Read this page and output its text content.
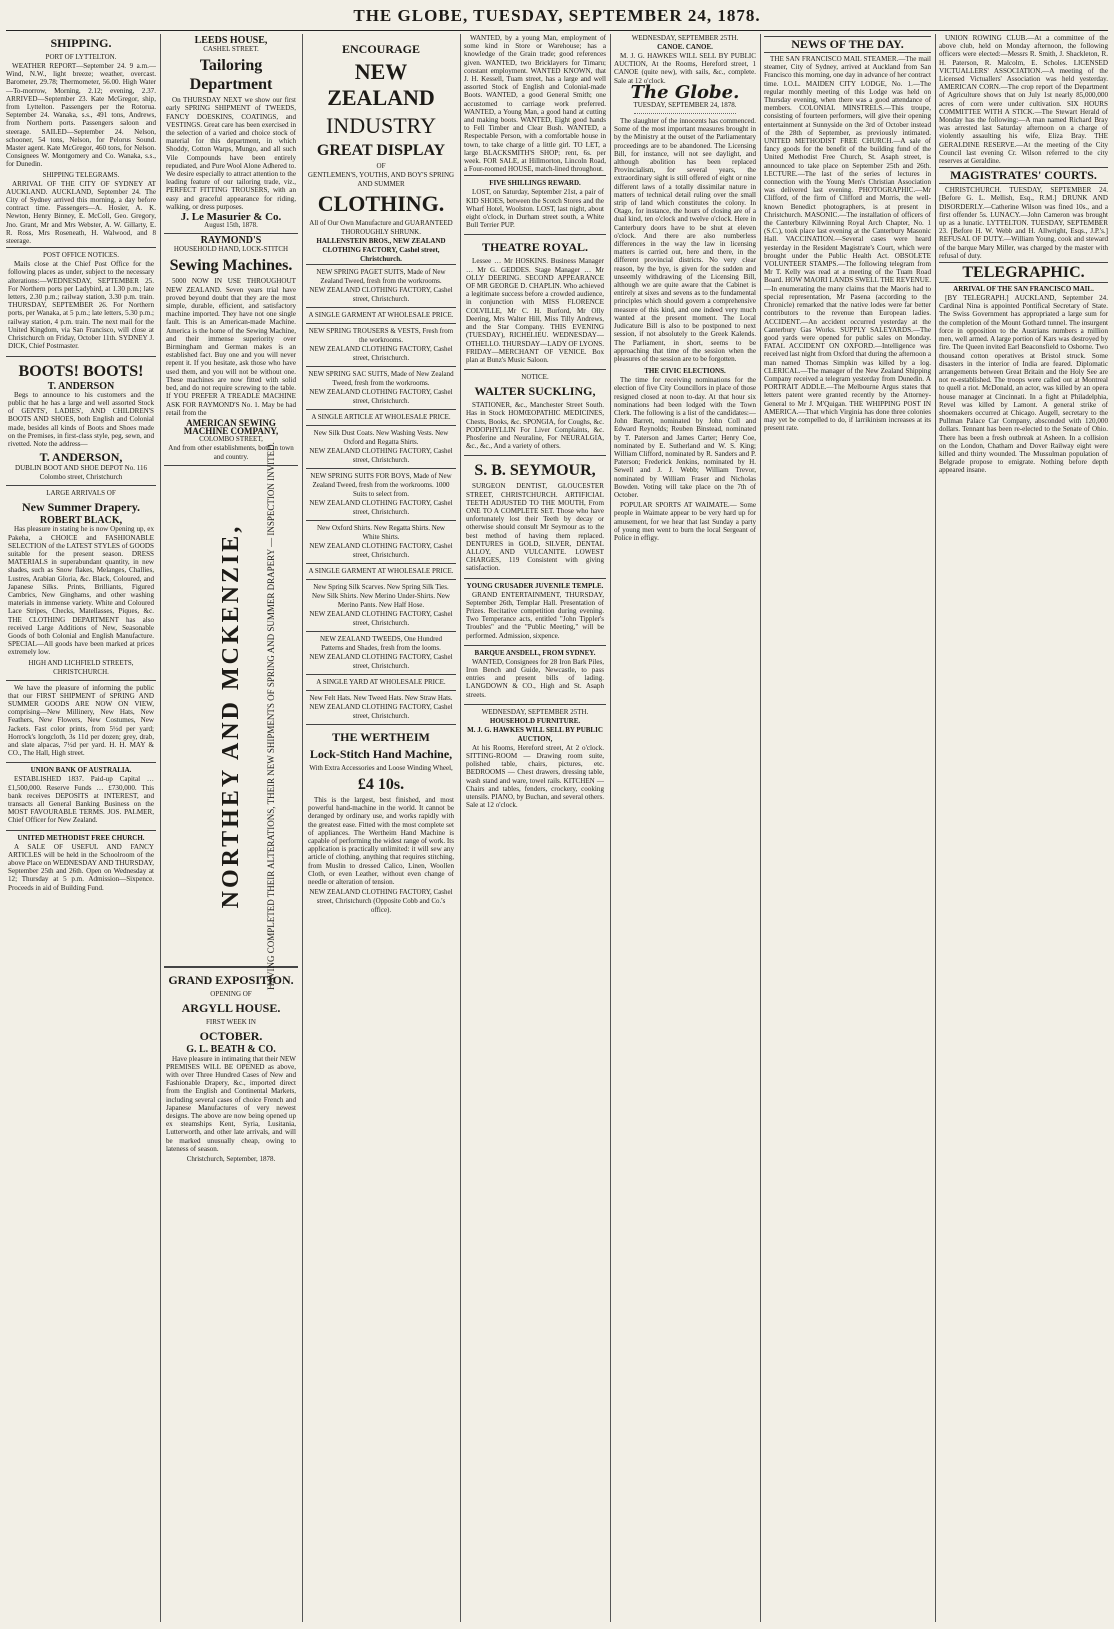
THE GLOBE, TUESDAY, SEPTEMBER 24, 1878.
SHIPPING.
PORT OF LYTTELTON.

WEATHER REPORT—September 24. 9 a.m.—Wind, N.W., light breeze; weather, overcast. Barometer, 29.78; Thermometer, 56.00. High Water—To-morrow, Morning, 2.12; evening, 2.37. ARRIVED—September 23. Kate McGregor, ship, from Lyttelton. Passengers per the Rotorua. September 24. Wanaka, s.s., 491 tons, Andrews, from Northern ports. Passengers saloon and steerage. SAILED—September 24. Nelson, schooner, 54 tons, Nelson, for Pelorus Sound. Master agent. Kate McGregor, 460 tons, for Nelson. Consignees W. Montgomery and Co. Wanaka, s.s., for Dunedin.

SHIPPING TELEGRAMS.

ARRIVAL OF THE CITY OF SYDNEY AT AUCKLAND. AUCKLAND, September 24. The City of Sydney arrived this morning, a day before contract time. Passengers—A. Hosier, A. K. Newton, Henry Binney, E. McColl, Geo. Gregory, Jno. Grant, Mr and Mrs Webster, A. W. Gillarty, E. R. Ross, Mrs Roseneath, H. Walwood, and 8 steerage.

POST OFFICE NOTICES.

Mails close at the Chief Post Office for the following places as under, subject to the necessary alterations:—WEDNESDAY, SEPTEMBER 25. For Northern ports per Ladybird, at 1.30 p.m.; late letters, 2.30 p.m.; railway station, 3.30 p.m. train. THURSDAY, SEPTEMBER 26. For Northern ports, per Wanaka, at 5 p.m.; late letters, 5.30 p.m.; railway station, 4 p.m. train. The next mail for the United Kingdom, via San Francisco, will close at Christchurch on Friday, October 11th. SYDNEY J. DICK, Chief Postmaster.

BOOTS! BOOTS!
T. ANDERSON

Begs to announce to his customers and the public that he has a large and well assorted Stock of GENTS', LADIES', AND CHILDREN'S BOOTS AND SHOES, both English and Colonial made, besides all kinds of Boots and Shoes made on the Premises, in first-class style, peg, sewn, and rivetted. Note the address—

T. ANDERSON,
DUBLIN BOOT AND SHOE DEPOT No. 116 Colombo street, Christchurch
LARGE ARRIVALS OF
New Summer Drapery.
ROBERT BLACK,

Has pleasure in stating he is now Opening up, ex Pakeha, a CHOICE and FASHIONABLE SELECTION of the LATEST STYLES of GOODS suitable for the present season. DRESS MATERIALS in superabundant quantity, in new shades, such as Snow flakes, Melanges, Challies, Lustres, Arabian Gloria, &c. Black, Coloured, and Japanese Silks. Prints, Brilliants, Figured Cambrics, New Ginghams, and other washing materials in immense variety. White and Coloured Lace Stripes, Checks, Matellasses, Piques, &c. THE CLOTHING DEPARTMENT has also received Large Additions of New, Seasonable Goods of both Colonial and English Manufacture. SPECIAL—All goods have been marked at prices extremely low.

HIGH AND LICHFIELD STREETS, CHRISTCHURCH.

We have the pleasure of informing the public that our FIRST SHIPMENT of SPRING AND SUMMER GOODS ARE NOW ON VIEW, comprising—New Millinery, New Hats, New Feathers, New Flowers, New Costumes, New Jackets. Fast color prints, from 5½d per yard; Horrock's longcloth, 3s 11d per dozen; grey, drab, and slate alpacas, 7½d per yard. H. H. MAY & CO., The Hall, High street.

UNION BANK OF AUSTRALIA.

ESTABLISHED 1837. Paid-up Capital … £1,500,000. Reserve Funds … £730,000. This bank receives DEPOSITS at INTEREST, and transacts all General Banking Business on the MOST FAVOURABLE TERMS. JOS. PALMER, Chief Officer for New Zealand.

UNITED METHODIST FREE CHURCH.

A SALE OF USEFUL AND FANCY ARTICLES will be held in the Schoolroom of the above Place on WEDNESDAY AND THURSDAY, September 25th and 26th. Open on Wednesday at 12; Thursday at 5 p.m. Admission—Sixpence. Proceeds in aid of Building Fund.

LEEDS HOUSE,
CASHEL STREET.
Tailoring Department

On THURSDAY NEXT we show our first early SPRING SHIPMENT of TWEEDS, FANCY DOESKINS, COATINGS, and VESTINGS. Great care has been exercised in the selection of a varied and choice stock of material for this department, in which Shoddy, Cotton Warps, Mungo, and all such Vile Compounds have been entirely repudiated, and Pure Wool Alone Adhered to. We desire especially to attract attention to the leading feature of our tailoring trade, viz., PERFECT FITTING TROUSERS, with an easy and graceful appearance for riding, walking, or dress purposes.

J. Le Masurier & Co.
August 15th, 1878.
RAYMOND'S
HOUSEHOLD HAND, LOCK-STITCH
Sewing Machines.

5000 NOW IN USE THROUGHOUT NEW ZEALAND. Seven years trial have proved beyond doubt that they are the most simple, durable, efficient, and satisfactory machine imported. They have not one single fault. This is an American-made Machine. America is the home of the Sewing Machine, and their immense superiority over Birmingham and German makes is an established fact. Buy one and you will never repent it. If you hesitate, ask those who have used them, and you will not be without one. These machines are now fitted with solid bed, and do not require screwing to the table. If YOU PREFER A TREADLE MACHINE ASK FOR RAYMOND'S No. 1. May be had retail from the

AMERICAN SEWING MACHINE COMPANY,
COLOMBO STREET,
And from other establishments, both in town and country.
NORTHEY AND MCKENZIE, HAVING COMPLETED THEIR ALTERATIONS, THEIR NEW SHIPMENTS OF SPRING AND SUMMER DRAPERY — INSPECTION INVITED.
GRAND EXPOSITION.
OPENING OF
ARGYLL HOUSE.
FIRST WEEK IN
OCTOBER.
G. L. BEATH & CO.

Have pleasure in intimating that their NEW PREMISES WILL BE OPENED as above, with over Three Hundred Cases of New and Fashionable Drapery, &c., imported direct from the English and Continental Markets, including several cases of choice French and Japanese Manufactures of very newest designs. The above are now being opened up ex steamships Kent, Syria, Lusitania, Lutterworth, and other late arrivals, and will be marked unusually cheap, owing to lateness of season.

Christchurch, September, 1878.
ENCOURAGE
NEW ZEALAND
INDUSTRY
GREAT DISPLAY
OF
GENTLEMEN'S, YOUTHS, AND BOY'S SPRING AND SUMMER
CLOTHING.
All of Our Own Manufacture and GUARANTEED THOROUGHLY SHRUNK.
HALLENSTEIN BROS., NEW ZEALAND CLOTHING FACTORY, Cashel street, Christchurch.
NEW SPRING PAGET SUITS, Made of New Zealand Tweed, fresh from the workrooms.
NEW ZEALAND CLOTHING FACTORY, Cashel street, Christchurch.
A SINGLE GARMENT AT WHOLESALE PRICE.
NEW SPRING TROUSERS & VESTS, Fresh from the workrooms.
NEW ZEALAND CLOTHING FACTORY, Cashel street, Christchurch.
NEW SPRING SAC SUITS, Made of New Zealand Tweed, fresh from the workrooms.
NEW ZEALAND CLOTHING FACTORY, Cashel street, Christchurch.
A SINGLE ARTICLE AT WHOLESALE PRICE.
New Silk Dust Coats. New Washing Vests. New Oxford and Regatta Shirts.
NEW ZEALAND CLOTHING FACTORY, Cashel street, Christchurch.
NEW SPRING SUITS FOR BOYS, Made of New Zealand Tweed, fresh from the workrooms. 1000 Suits to select from.
NEW ZEALAND CLOTHING FACTORY, Cashel street, Christchurch.
New Oxford Shirts. New Regatta Shirts. New White Shirts.
NEW ZEALAND CLOTHING FACTORY, Cashel street, Christchurch.
A SINGLE GARMENT AT WHOLESALE PRICE.
New Spring Silk Scarves. New Spring Silk Ties. New Silk Shirts. New Merino Under-Shirts. New Merino Pants. New Half Hose.
NEW ZEALAND CLOTHING FACTORY, Cashel street, Christchurch.
NEW ZEALAND TWEEDS, One Hundred Patterns and Shades, fresh from the looms.
NEW ZEALAND CLOTHING FACTORY, Cashel street, Christchurch.
A SINGLE YARD AT WHOLESALE PRICE.
New Felt Hats. New Tweed Hats. New Straw Hats.
NEW ZEALAND CLOTHING FACTORY, Cashel street, Christchurch.
THE WERTHEIM
Lock-Stitch Hand Machine,
With Extra Accessories and Loose Winding Wheel,
£4 10s.

This is the largest, best finished, and most powerful hand-machine in the world. It cannot be deranged by ordinary use, and works rapidly with the greatest ease. Fitted with the most complete set of appliances. The Wertheim Hand Machine is capable of performing the widest range of work. Its application is practically unlimited: it will sew any article of clothing, anything that requires stitching, from Muslin to dressed Calico, Linen, Woollen Cloth, or even Leather, without even change of needle or alteration of tension.

NEW ZEALAND CLOTHING FACTORY, Cashel street, Christchurch (Opposite Cobb and Co.'s office).

WANTED, by a young Man, employment of some kind in Store or Warehouse; has a knowledge of the Grain trade; good references given. WANTED, two Bricklayers for Timaru; constant employment. WANTED KNOWN, that J. H. Kessell, Tuam street, has a large and well assorted Stock of English and Colonial-made Boots. WANTED, a good General Smith; one accustomed to carriage work preferred. WANTED, a Young Man, a good hand at cutting and making boots. WANTED, Eight good hands to Fell Timber and Clear Bush. WANTED, a Respectable Person, with a comfortable house in town, to take charge of a little girl. TO LET, a large BLACKSMITH'S SHOP; rent, 6s. per week. FOR SALE, at Hillmorton, Lincoln Road, a Four-roomed HOUSE, match-lined throughout.

FIVE SHILLINGS REWARD.

LOST, on Saturday, September 21st, a pair of KID SHOES, between the Scotch Stores and the Wharf Hotel, Woolston. LOST, last night, about eight o'clock, in Durham street south, a White Bull Terrier PUP.

THEATRE ROYAL.

Lessee … Mr HOSKINS. Business Manager … Mr G. GEDDES. Stage Manager … Mr OLLY DEERING. SECOND APPEARANCE OF MR GEORGE D. CHAPLIN. Who achieved a legitimate success before a crowded audience, in conjunction with MISS FLORENCE COLVILLE, Mr C. H. Burford, Mr Olly Deering, Mrs Walter Hill, Miss Tilly Andrews, and the Star Company. THIS EVENING (TUESDAY), RICHELIEU. WEDNESDAY—OTHELLO. THURSDAY—LADY OF LYONS. FRIDAY—MERCHANT OF VENICE. Box plan at Bunz's Music Saloon.

NOTICE.
WALTER SUCKLING,

STATIONER, &c., Manchester Street South. Has in Stock HOMŒOPATHIC MEDICINES, Chests, Books, &c. SPONGIA, for Coughs, &c. PODOPHYLLIN For Liver Complaints, &c. Phosferine and Neuraline, For NEURALGIA, &c., &c., And a variety of others.

S. B. SEYMOUR,

SURGEON DENTIST, GLOUCESTER STREET, CHRISTCHURCH. ARTIFICIAL TEETH ADJUSTED TO THE MOUTH, From ONE TO A COMPLETE SET. Those who have unfortunately lost their Teeth by decay or otherwise should consult Mr Seymour as to the best method of having them replaced. DENTURES in GOLD, SILVER, DENTAL ALLOY, AND VULCANITE. LOWEST CHARGES, 119 Consistent with giving satisfaction.

YOUNG CRUSADER JUVENILE TEMPLE.

GRAND ENTERTAINMENT, THURSDAY, September 26th, Templar Hall. Presentation of Prizes. Recitative competition during evening. Two Temperance acts, entitled "John Tippler's Troubles" and the "Public Meeting," will be performed. Admission, sixpence.

BARQUE ANSDELL, FROM SYDNEY.

WANTED, Consignees for 28 Iron Bark Piles, Iron Bench and Guide, Newcastle, to pass entries and present bills of lading. LANGDOWN & CO., High and St. Asaph streets.

WEDNESDAY, SEPTEMBER 25TH.
HOUSEHOLD FURNITURE.
M. J. G. HAWKES WILL SELL BY PUBLIC AUCTION,

At his Rooms, Hereford street, At 2 o'clock. SITTING-ROOM — Drawing room suite, polished table, chairs, pictures, etc. BEDROOMS — Chest drawers, dressing table, wash stand and ware, towel rails. KITCHEN — Chairs and tables, fenders, crockery, cooking utensils. PIANO, by Buchan, and several others. Sale at 12 o'clock.

WEDNESDAY, SEPTEMBER 25TH.
CANOE. CANOE.

M. J. G. HAWKES WILL SELL BY PUBLIC AUCTION, At the Rooms, Hereford street, 1 CANOE (quite new), with sails, &c., complete. Sale at 12 o'clock.

The Globe.
TUESDAY, SEPTEMBER 24, 1878.

The slaughter of the innocents has commenced. Some of the most important measures brought in by the Ministry at the outset of the Parliamentary proceedings are to be abandoned. The Licensing Bill, for instance, will not see daylight, and although abolition has been replaced Provincialism, for several years, the extraordinary sight is still offered of eight or nine different laws of a totally dissimilar nature in matters of technical detail ruling over the small strip of land which constitutes the colony. In Otago, for instance, the hours of closing are of a dual kind, ten o'clock and twelve o'clock. Here in Canterbury doors have to be shut at eleven o'clock. And there are also numberless differences in the way the law in licensing matters is carried out, here and there, in the different provincial districts. No very clear reason, by the bye, is given for the sudden and unseemly withdrawing of the Licensing Bill, although we are quite aware that the Cabinet is entirely at sixes and sevens as to the fundamental principles which should govern a comprehensive measure of this kind, and one indeed very much wanted at the present moment. The Local Judicature Bill is also to be postponed to next session, if not absolutely to the Greek Kalends. The Parliament, in short, seems to be approaching that time of the session when the pleasures of the session are to be forgotten.

THE CIVIC ELECTIONS.

The time for receiving nominations for the election of five City Councillors in place of those resigned closed at noon to-day. At that hour six nominations had been lodged with the Town Clerk. The following is a list of the candidates:—John Barrett, nominated by John Coll and Edward Reynolds; Reuben Binstead, nominated by T. Paterson and James Carter; Henry Coe, nominated by E. Sutherland and W. S. King; William Clifford, nominated by R. Sanders and P. Paterson; Frederick Jenkins, nominated by H. Sewell and J. J. Webb; William Trevor, nominated by William Fraser and Nicholas Bowden. Voting will take place on the 7th of October.

POPULAR SPORTS AT WAIMATE.— Some people in Waimate appear to be very hard up for amusement, for we hear that last Sunday a party of young men went to burn the local Sergeant of Police in effigy.

NEWS OF THE DAY.

THE SAN FRANCISCO MAIL STEAMER.—The mail steamer, City of Sydney, arrived at Auckland from San Francisco this morning, one day in advance of her contract time. I.O.L. MAIDEN CITY LODGE, No. 1.—The regular monthly meeting of this Lodge was held on Thursday evening, when there was a good attendance of members. COLONIAL MINSTRELS.—This troupe, consisting of fourteen performers, will give their opening entertainment at Sunnyside on the 3rd of October instead of the 28th of September, as previously intimated. UNITED METHODIST FREE CHURCH.—A sale of fancy goods for the benefit of the building fund of the United Methodist Free Church, St. Asaph street, is announced to take place on September 25th and 26th. LECTURE.—The last of the series of lectures in connection with the Young Men's Christian Association was delivered last evening. PHOTOGRAPHIC.—Mr Clifford, of the firm of Clifford and Morris, the well-known Benedict photographers, is at present in Christchurch. MASONIC.—The installation of officers of the Canterbury Kilwinning Royal Arch Chapter, No. 1 (S.C.), took place last evening at the Canterbury Masonic Hall. VACCINATION.—Several cases were heard yesterday in the Resident Magistrate's Court, which were brought under the Public Health Act. OBSOLETE VOLUNTEER STAMPS.—The following telegram from Mr T. Kelly was read at a meeting of the Tuam Road Board. HOW MAORI LANDS SWELL THE REVENUE.—In enumerating the many claims that the Maoris had to special representation, Mr Pasena (according to the Chronicle) remarked that the native lodes were far better contributors to the revenue than European ladies. ACCIDENT.—An accident occurred yesterday at the Canterbury Gas Works. SUPPLY SALEYARDS.—The good yards were opened for public sales on Monday. FATAL ACCIDENT ON OXFORD.—Intelligence was received last night from Oxford that during the afternoon a man named Thomas Simpkin was killed by a log. CLERICAL.—The manager of the New Zealand Shipping Company received a telegram yesterday from Dunedin. A PORTRAIT ADDLE.—The Melbourne Argus states that letters patent were granted recently by the Attorney-General to Mr J. M'Quigan. THE WHIPPING POST IN AMERICA.—That which Virginia has done three colonies may yet be compelled to do, if larrikinism increases at its present rate.

UNION ROWING CLUB.—At a committee of the above club, held on Monday afternoon, the following officers were elected:—Messrs R. Smith, J. Shackleton, R. H. Paterson, R. Malcolm, E. Scholes. LICENSED VICTUALLERS' ASSOCIATION.—A meeting of the Licensed Victuallers' Association was held yesterday. AMERICAN CORN.—The crop report of the Department of Agriculture shows that on July 1st nearly 85,000,000 acres of corn were under cultivation. SIX HOURS COMMITTEE WITH A STICK.—The Stewart Herald of Monday has the following:—A man named Richard Bray was arrested last Saturday afternoon on a charge of violently assaulting his wife, Eliza Bray. THE GERALDINE RESERVE.—At the meeting of the City Council last evening Cr. Wilson referred to the city reserves at Geraldine.

MAGISTRATES' COURTS.

CHRISTCHURCH. TUESDAY, SEPTEMBER 24. [Before G. L. Mellish, Esq., R.M.] DRUNK AND DISORDERLY.—Catherine Wilson was fined 10s., and a first offender 5s. LUNACY.—John Cameron was brought up as a lunatic. LYTTELTON. TUESDAY, SEPTEMBER 23. [Before H. W. Webb and H. Allwright, Esqs., J.P.'s.] REFUSAL OF DUTY.—William Young, cook and steward of the barque Mary Miller, was charged by the master with refusal of duty.

TELEGRAPHIC.
ARRIVAL OF THE SAN FRANCISCO MAIL.

[BY TELEGRAPH.] AUCKLAND, September 24. Cardinal Nina is appointed Pontifical Secretary of State. The Swiss Government has appropriated a large sum for the completion of the Mount Gothard tunnel. The insurgent force in opposition to the Austrians numbers a million men, well armed. A large portion of Kars was destroyed by fire. The Queen invited Earl Beaconsfield to Osborne. Two thousand cotton operatives at Bristol struck. Some disasters in the interior of India are feared. Diplomatic arrangements between Great Britain and the Holy See are not re-established. The troops were called out at Montreal to quell a riot. McDonald, an actor, was killed by an opera house manager at Cincinnati. In a fight at Philadelphia, Revel was killed by Lamont. A general strike of shoemakers occurred at Chicago. Augell, secretary to the Pullman Palace Car Company, absconded with 120,000 dollars. Tennant has been re-elected to the Senate of Ohio. There has been a fresh outbreak at Asheen. In a collision on the London, Chatham and Dover Railway eight were killed and thirty wounded. The Mussulman population of Belgrade propose to emigrate. Nothing before depth appeared insane.
